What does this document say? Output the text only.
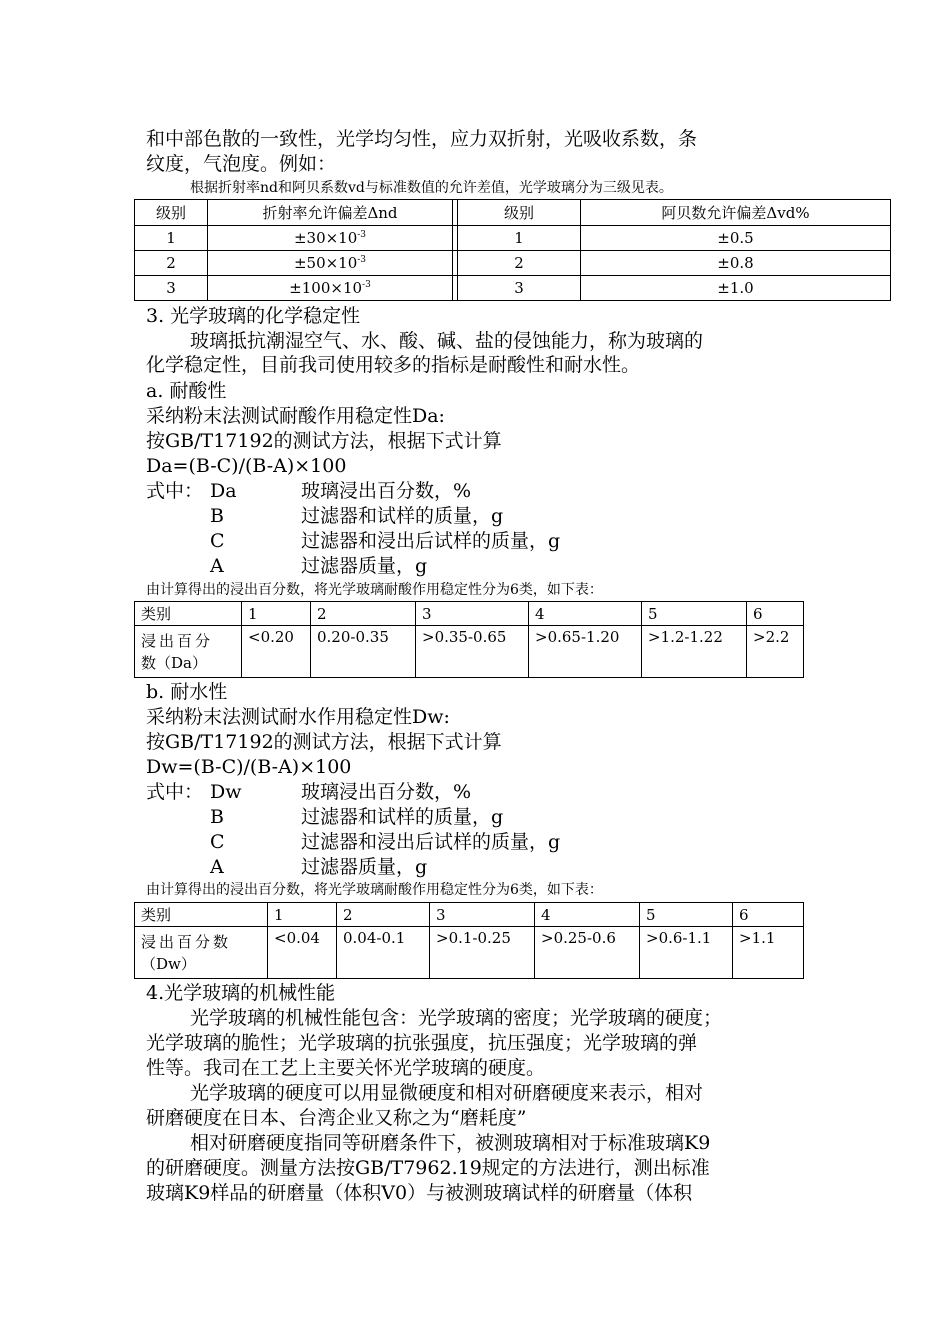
和中部色散的一致性，光学均匀性，应力双折射，光吸收系数，条
纹度，气泡度。例如：
根据折射率nd和阿贝系数vd与标准数值的允许差值，光学玻璃分为三级见表。
级别	折射率允许偏差Δnd		级别	阿贝数允许偏差Δvd%
1	$\pm 30\times 10^{-3}$		1	±0.5
2	$\pm 50\times 10^{-3}$		2	±0.8
3	$\pm 100\times 10^{-3}$		3	±1.0
3. 光学玻璃的化学稳定性
玻璃抵抗潮湿空气、水、酸、碱、盐的侵蚀能力，称为玻璃的
化学稳定性，目前我司使用较多的指标是耐酸性和耐水性。
a. 耐酸性
采纳粉末法测试耐酸作用稳定性Da:
按GB/T17192的测试方法，根据下式计算
Da=(B-C)/(B-A)×100
式中： Da	玻璃浸出百分数，%
B	过滤器和试样的质量，g
C	过滤器和浸出后试样的质量，g
A	过滤器质量，g
由计算得出的浸出百分数，将光学玻璃耐酸作用稳定性分为6类，如下表：
类别	1	2	3	4	5	6

浸出百分
数（Da）	<0.20	0.20-0.35	>0.35-0.65	>0.65-1.20	>1.2-1.22	>2.2
b. 耐水性
采纳粉末法测试耐水作用稳定性Dw:
按GB/T17192的测试方法，根据下式计算
Dw=(B-C)/(B-A)×100
式中： Dw	玻璃浸出百分数，%
B	过滤器和试样的质量，g
C	过滤器和浸出后试样的质量，g
A	过滤器质量，g
由计算得出的浸出百分数，将光学玻璃耐酸作用稳定性分为6类，如下表：
类别	1	2	3	4	5	6

浸出百分数
（Dw）	<0.04	0.04-0.1	>0.1-0.25	>0.25-0.6	>0.6-1.1	>1.1
4.光学玻璃的机械性能
光学玻璃的机械性能包含：光学玻璃的密度；光学玻璃的硬度；
光学玻璃的脆性；光学玻璃的抗张强度，抗压强度；光学玻璃的弹
性等。我司在工艺上主要关怀光学玻璃的硬度。
光学玻璃的硬度可以用显微硬度和相对研磨硬度来表示，相对
研磨硬度在日本、台湾企业又称之为“磨耗度”
相对研磨硬度指同等研磨条件下，被测玻璃相对于标准玻璃K9
的研磨硬度。测量方法按GB/T7962.19规定的方法进行，测出标准
玻璃K9样品的研磨量（体积V0）与被测玻璃试样的研磨量（体积
